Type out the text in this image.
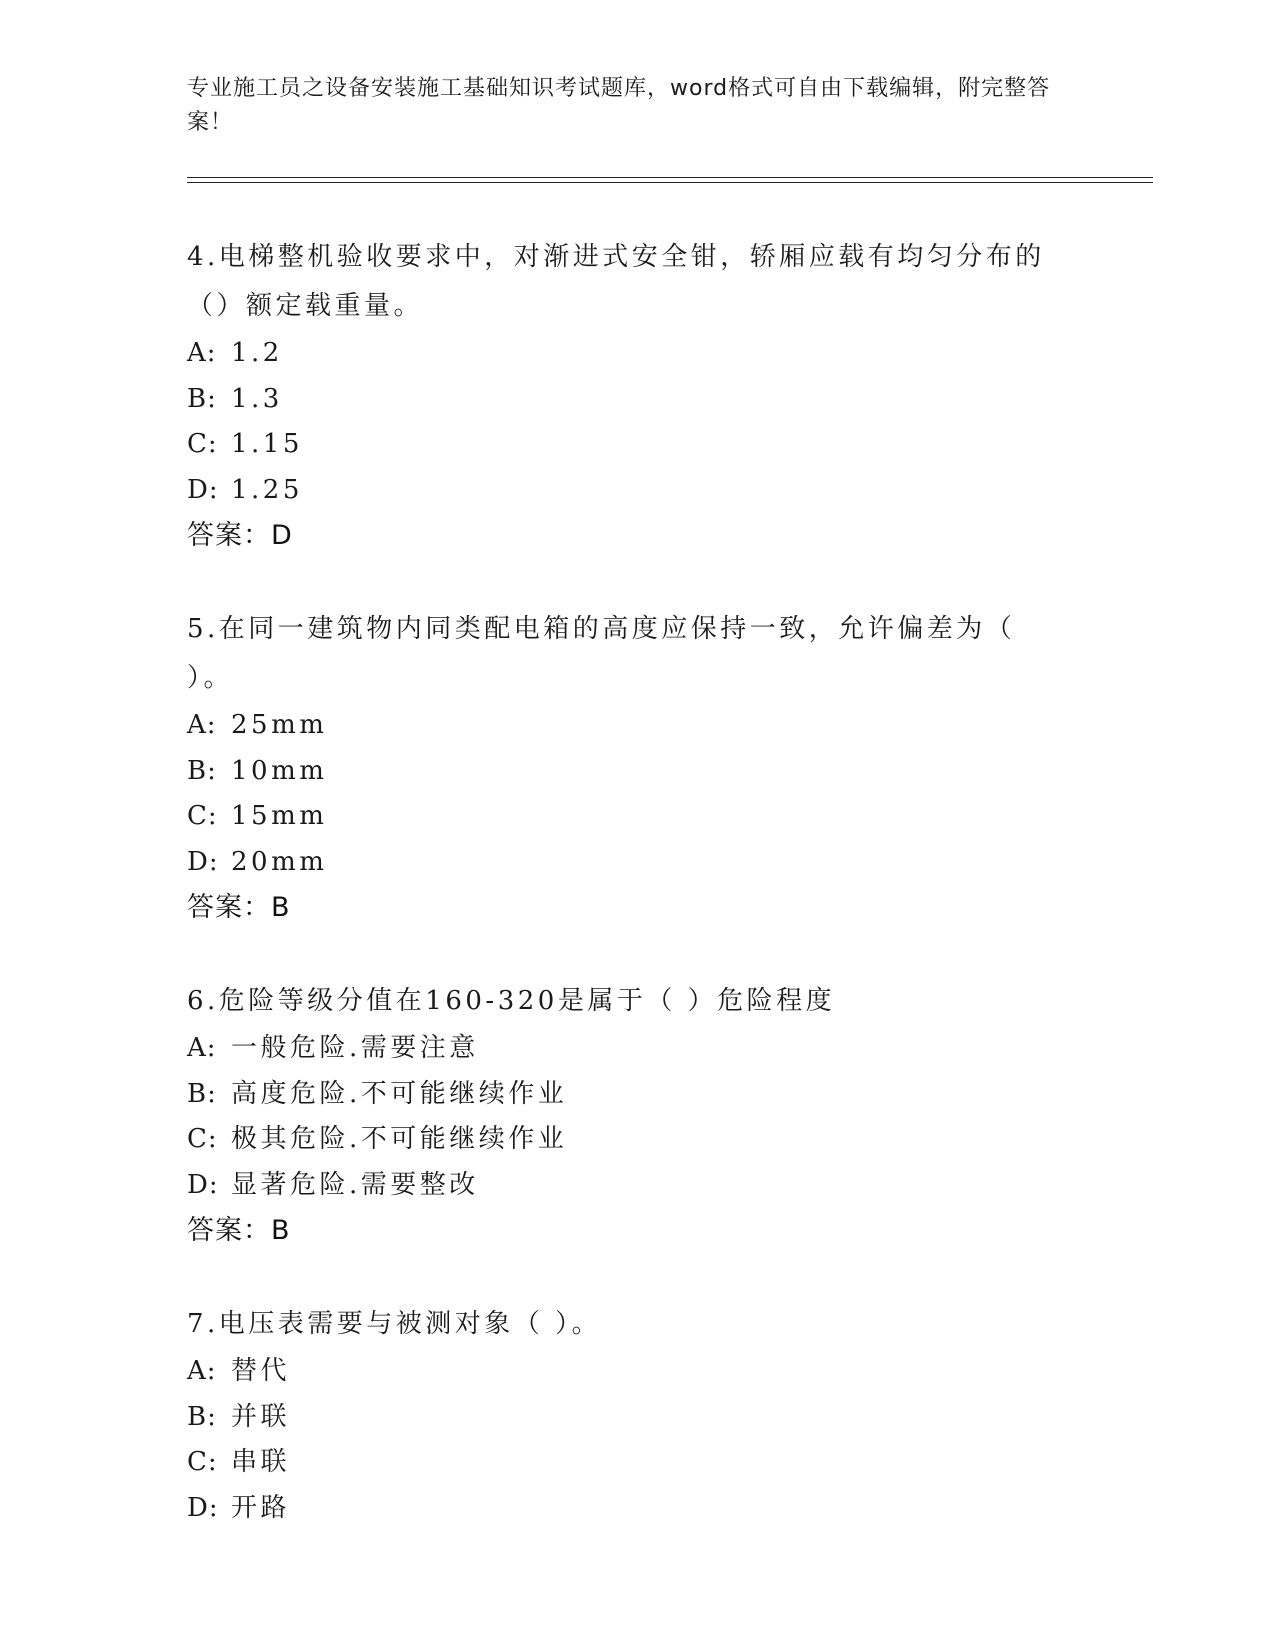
专业施工员之设备安装施工基础知识考试题库，word格式可自由下载编辑，附完整答案！

4.电梯整机验收要求中，对渐进式安全钳，轿厢应载有均匀分布的（）额定载重量。

A: 1.2
B: 1.3
C: 1.15
D: 1.25
答案：D

5.在同一建筑物内同类配电箱的高度应保持一致，允许偏差为（ ）。

A: 25mm
B: 10mm
C: 15mm
D: 20mm
答案：B

6.危险等级分值在160-320是属于（ ）危险程度

A: 一般危险.需要注意
B: 高度危险.不可能继续作业
C: 极其危险.不可能继续作业
D: 显著危险.需要整改
答案：B

7.电压表需要与被测对象（ ）。

A: 替代
B: 并联
C: 串联
D: 开路
